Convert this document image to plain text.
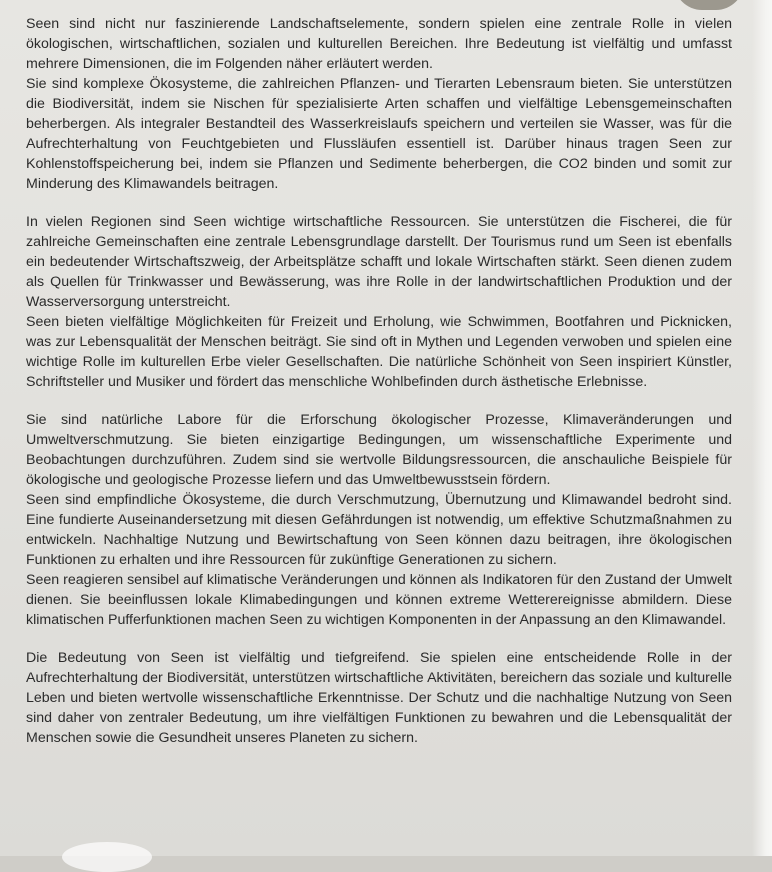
Seen sind nicht nur faszinierende Landschaftselemente, sondern spielen eine zentrale Rolle in vielen ökologischen, wirtschaftlichen, sozialen und kulturellen Bereichen. Ihre Bedeutung ist vielfältig und umfasst mehrere Dimensionen, die im Folgenden näher erläutert werden.

Sie sind komplexe Ökosysteme, die zahlreichen Pflanzen- und Tierarten Lebensraum bieten. Sie unterstützen die Biodiversität, indem sie Nischen für spezialisierte Arten schaffen und vielfältige Lebensgemeinschaften beherbergen. Als integraler Bestandteil des Wasserkreislaufs speichern und verteilen sie Wasser, was für die Aufrechterhaltung von Feuchtgebieten und Flussläufen essentiell ist. Darüber hinaus tragen Seen zur Kohlenstoffspeicherung bei, indem sie Pflanzen und Sedimente beherbergen, die CO2 binden und somit zur Minderung des Klimawandels beitragen.

In vielen Regionen sind Seen wichtige wirtschaftliche Ressourcen. Sie unterstützen die Fischerei, die für zahlreiche Gemeinschaften eine zentrale Lebensgrundlage darstellt. Der Tourismus rund um Seen ist ebenfalls ein bedeutender Wirtschaftszweig, der Arbeitsplätze schafft und lokale Wirtschaften stärkt. Seen dienen zudem als Quellen für Trinkwasser und Bewässerung, was ihre Rolle in der landwirtschaftlichen Produktion und der Wasserversorgung unterstreicht.

Seen bieten vielfältige Möglichkeiten für Freizeit und Erholung, wie Schwimmen, Bootfahren und Picknicken, was zur Lebensqualität der Menschen beiträgt. Sie sind oft in Mythen und Legenden verwoben und spielen eine wichtige Rolle im kulturellen Erbe vieler Gesellschaften. Die natürliche Schönheit von Seen inspiriert Künstler, Schriftsteller und Musiker und fördert das menschliche Wohlbefinden durch ästhetische Erlebnisse.

Sie sind natürliche Labore für die Erforschung ökologischer Prozesse, Klimaveränderungen und Umweltverschmutzung. Sie bieten einzigartige Bedingungen, um wissenschaftliche Experimente und Beobachtungen durchzuführen. Zudem sind sie wertvolle Bildungsressourcen, die anschauliche Beispiele für ökologische und geologische Prozesse liefern und das Umweltbewusstsein fördern.

Seen sind empfindliche Ökosysteme, die durch Verschmutzung, Übernutzung und Klimawandel bedroht sind. Eine fundierte Auseinandersetzung mit diesen Gefährdungen ist notwendig, um effektive Schutzmaßnahmen zu entwickeln. Nachhaltige Nutzung und Bewirtschaftung von Seen können dazu beitragen, ihre ökologischen Funktionen zu erhalten und ihre Ressourcen für zukünftige Generationen zu sichern.

Seen reagieren sensibel auf klimatische Veränderungen und können als Indikatoren für den Zustand der Umwelt dienen. Sie beeinflussen lokale Klimabedingungen und können extreme Wetterereignisse abmildern. Diese klimatischen Pufferfunktionen machen Seen zu wichtigen Komponenten in der Anpassung an den Klimawandel.

Die Bedeutung von Seen ist vielfältig und tiefgreifend. Sie spielen eine entscheidende Rolle in der Aufrechterhaltung der Biodiversität, unterstützen wirtschaftliche Aktivitäten, bereichern das soziale und kulturelle Leben und bieten wertvolle wissenschaftliche Erkenntnisse. Der Schutz und die nachhaltige Nutzung von Seen sind daher von zentraler Bedeutung, um ihre vielfältigen Funktionen zu bewahren und die Lebensqualität der Menschen sowie die Gesundheit unseres Planeten zu sichern.
